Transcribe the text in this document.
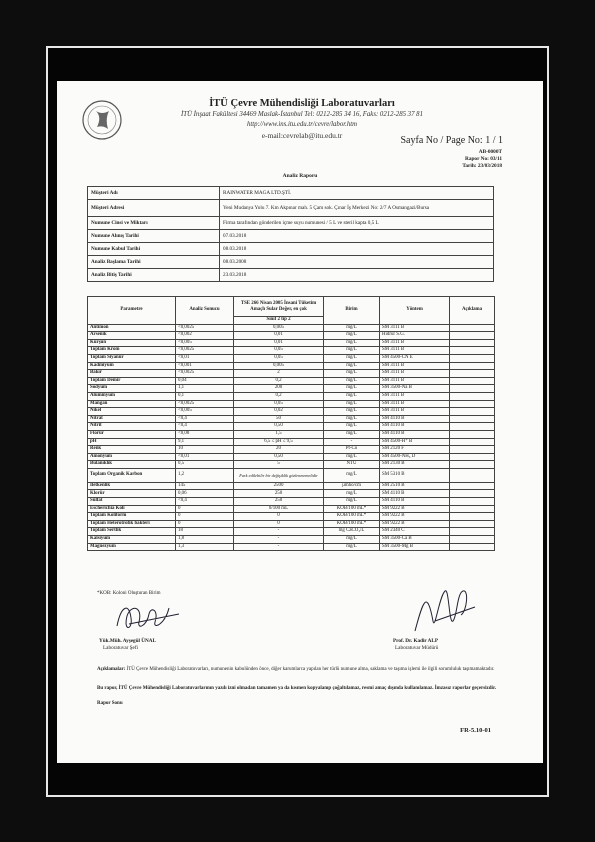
İTÜ Çevre Mühendisliği Laboratuvarları
İTÜ İnşaat Fakültesi 34469 Maslak-İstanbul Tel: 0212-285 34 16, Faks: 0212-285 37 81
http://www.ins.itu.edu.tr/cevre/labor.htm
e-mail:cevrelab@itu.edu.tr	Sayfa No / Page No: 1 / 1
AB-0000T
Rapor No: 03/11
Tarih: 23/03/2018
Analiz Raporu
Müşteri Adı	RAINWATER MAGA LTD.ŞTİ.
Müşteri Adresi	Yeni Mudanya Yolu 7. Km Akpınar mah. 5 Çam sok. Çınar İş Merkezi No: 2/7 A Osmangazi/Bursa
Numune Cinsi ve Miktarı	Firma tarafından gönderilen içme suyu numunesi / 5 L ve steril kapta 0,5 L
Numune Alınış Tarihi	07.03.2018
Numune Kabul Tarihi	08.03.2018
Analiz Başlama Tarihi	08.03.2008
Analiz Bitiş Tarihi	23.03.2018
Parametre	Analiz Sonucu	TSE 266 Nisan 2005 İnsani Tüketim Amaçlı Sular Değer, en çok	Birim	Yöntem	Açıklama
		Sınıf 2 tip 2			
Antimon	<0,0025	0,005	mg/L	SM 3111 B	
Arsenik	<0,002	0,01	mg/L	Hidrür S.G.	
Kurşun	<0,005	0,01	mg/L	SM 3111 B	
Toplam Krom	<0,0025	0,05	mg/L	SM 3111 B	
Toplam Siyanür	<0,01	0,05	mg/L	SM 4500-CN E	
Kadmiyum	<0,001	0,005	mg/L	SM 3111 B	
Bakır	<0,0025	2	mg/L	SM 3111 B	
Toplam Demir	0,04	0,2	mg/L	SM 3111 B	
Sodyum	1,1	200	mg/L	SM 3500-Na B	
Alüminyum	0,1	0,2	mg/L	SM 3111 B	
Mangan	<0,0025	0,05	mg/L	SM 3111 B	
Nikel	<0,005	0,02	mg/L	SM 3111 B	
Nitrat	<0,4	50	mg/L	SM 4110 B	
Nitrit	<0,4	0,50	mg/L	SM 4110 B	
Florür	<0,08	1,5	mg/L	SM 4110 B	
pH	9,1	6,5 ≤ pH ≤ 9,5	-	SM 4500-H⁺ B	
Renk	10	20	Pt-Co	SM 2120 F	
Amonyum	<0,01	0,50	mg/L	SM 4500-NH₃ D	
Bulanıklık	0,5	5	NTU	SM 2130 B	
Toplam Organik Karbon	1,2	Fark edilebilir bir değişiklik gözlenmemelidir	mg/L	SM 5310 B	
İletkenlik	145	2500	µmho/cm	SM 2510 B	
Klorür	0,06	250	mg/L	SM 4110 B	
Sülfat	<0,4	250	mg/L	SM 4110 B	
Escherichia Koli	0	0/100 mL	KOB/100 mL*	SM 9222 B	
Toplam Koliform	0	0	KOB/100 mL*	SM 9222 B	
Toplam Heterotrofik bakteri	0	0	KOB/100 mL*	SM 9222 B	
Toplam Sertlik	18	-	mg CaCO₃/L	SM 2340 C	
Kalsiyum	1,8	-	mg/L	SM 3500-Ca B	
Magnezyum	1,3	-	mg/L	SM 3500-Mg B	
*KOB: Koloni Oluşturan Birim
Yük.Müh. Ayşegül ÜNAL
Laboratuvar Şefi
Prof. Dr. Kadir ALP
Laboratuvar Müdürü
Açıklamalar: İTÜ Çevre Mühendisliği Laboratuvarları, numunenin kabulünden önce, diğer karumlarca yapılan her türlü numune alma, saklama ve taşıma işlemi ile ilgili sorumluluk taşımamaktadır.
Bu rapor, İTÜ Çevre Mühendisliği Laboratuvarlarının yazılı izni olmadan tamamen ya da kısmen kopyalanıp çoğaltılamaz, resmi amaç dışında kullanılamaz. İmzasız raporlar geçersizdir.
Rapor Sonu
FR-5.10-01
